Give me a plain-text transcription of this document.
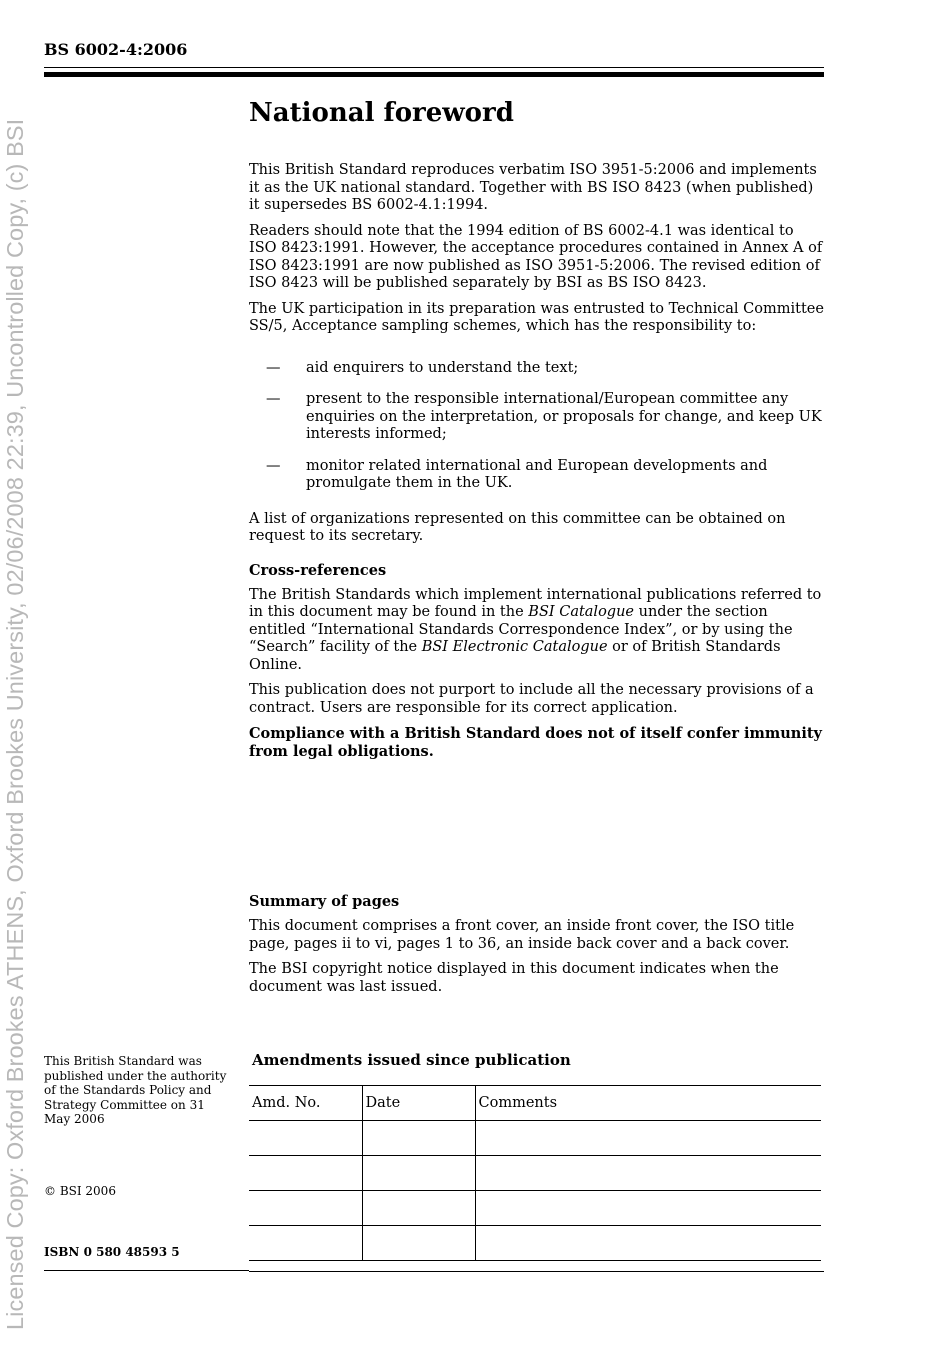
Licensed Copy: Oxford Brookes ATHENS, Oxford Brookes University, 02/06/2008 22:39, Uncontrolled Copy, (c) BSI
BS 6002-4:2006
National foreword

This British Standard reproduces verbatim ISO 3951-5:2006 and implements it as the UK national standard. Together with BS ISO 8423 (when published) it supersedes BS 6002-4.1:1994.

Readers should note that the 1994 edition of BS 6002-4.1 was identical to ISO 8423:1991. However, the acceptance procedures contained in Annex A of ISO 8423:1991 are now published as ISO 3951-5:2006. The revised edition of ISO 8423 will be published separately by BSI as BS ISO 8423.

The UK participation in its preparation was entrusted to Technical Committee SS/5, Acceptance sampling schemes, which has the responsibility to:

— aid enquirers to understand the text;
— present to the responsible international/European committee any enquiries on the interpretation, or proposals for change, and keep UK interests informed;
— monitor related international and European developments and promulgate them in the UK.

A list of organizations represented on this committee can be obtained on request to its secretary.

Cross-references

The British Standards which implement international publications referred to in this document may be found in the BSI Catalogue under the section entitled “International Standards Correspondence Index”, or by using the “Search” facility of the BSI Electronic Catalogue or of British Standards Online.

This publication does not purport to include all the necessary provisions of a contract. Users are responsible for its correct application.

Compliance with a British Standard does not of itself confer immunity from legal obligations.

Summary of pages

This document comprises a front cover, an inside front cover, the ISO title page, pages ii to vi, pages 1 to 36, an inside back cover and a back cover.

The BSI copyright notice displayed in this document indicates when the document was last issued.

This British Standard was published under the authority of the Standards Policy and Strategy Committee on 31 May 2006
© BSI 2006
ISBN 0 580 48593 5
Amendments issued since publication
Amd. No.	Date	Comments
